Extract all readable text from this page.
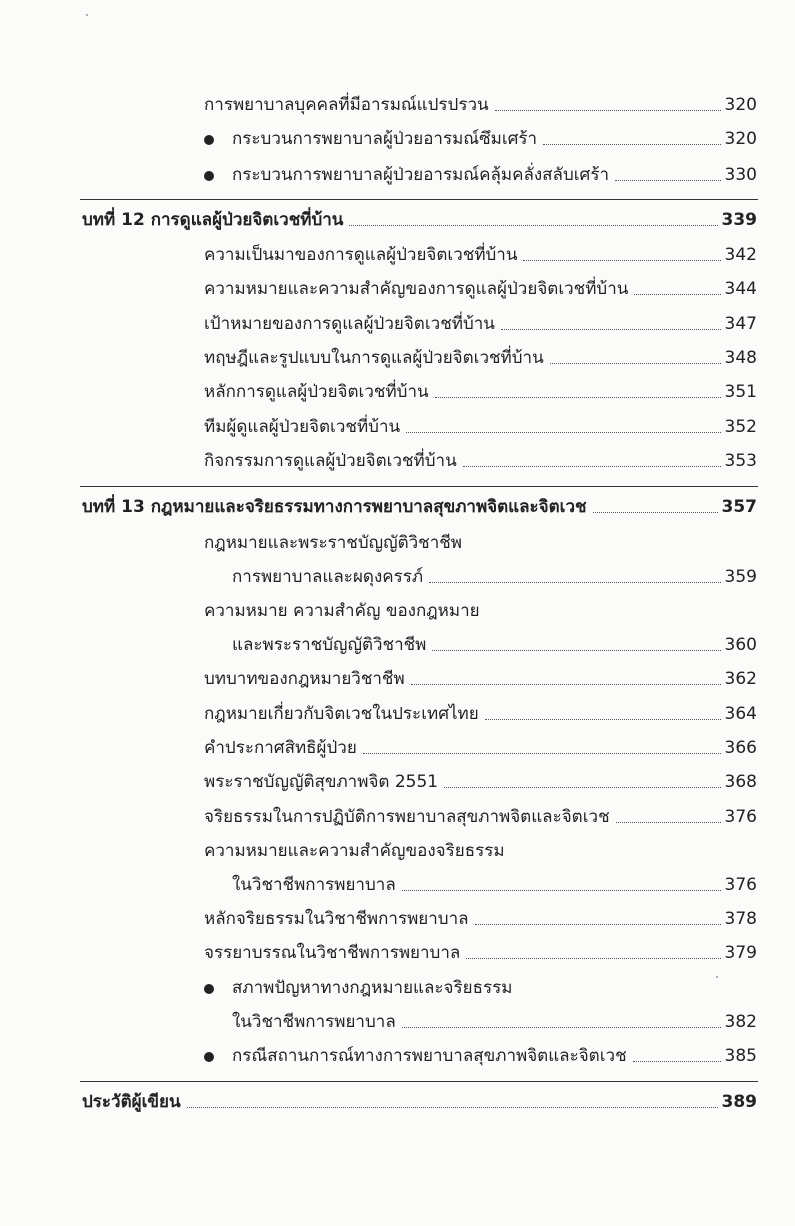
การพยาบาลบุคคลที่มีอารมณ์แปรปรวน	320
กระบวนการพยาบาลผู้ป่วยอารมณ์ซึมเศร้า	320
กระบวนการพยาบาลผู้ป่วยอารมณ์คลุ้มคลั่งสลับเศร้า	330
บทที่ 12 การดูแลผู้ป่วยจิตเวชที่บ้าน	339
ความเป็นมาของการดูแลผู้ป่วยจิตเวชที่บ้าน	342
ความหมายและความสำคัญของการดูแลผู้ป่วยจิตเวชที่บ้าน	344
เป้าหมายของการดูแลผู้ป่วยจิตเวชที่บ้าน	347
ทฤษฎีและรูปแบบในการดูแลผู้ป่วยจิตเวชที่บ้าน	348
หลักการดูแลผู้ป่วยจิตเวชที่บ้าน	351
ทีมผู้ดูแลผู้ป่วยจิตเวชที่บ้าน	352
กิจกรรมการดูแลผู้ป่วยจิตเวชที่บ้าน	353
บทที่ 13 กฎหมายและจริยธรรมทางการพยาบาลสุขภาพจิตและจิตเวช	357
กฎหมายและพระราชบัญญัติวิชาชีพ
การพยาบาลและผดุงครรภ์	359
ความหมาย ความสำคัญ ของกฎหมาย
และพระราชบัญญัติวิชาชีพ	360
บทบาทของกฎหมายวิชาชีพ	362
กฎหมายเกี่ยวกับจิตเวชในประเทศไทย	364
คำประกาศสิทธิผู้ป่วย	366
พระราชบัญญัติสุขภาพจิต 2551	368
จริยธรรมในการปฏิบัติการพยาบาลสุขภาพจิตและจิตเวช	376
ความหมายและความสำคัญของจริยธรรม
ในวิชาชีพการพยาบาล	376
หลักจริยธรรมในวิชาชีพการพยาบาล	378
จรรยาบรรณในวิชาชีพการพยาบาล	379
สภาพปัญหาทางกฎหมายและจริยธรรม
ในวิชาชีพการพยาบาล	382
กรณีสถานการณ์ทางการพยาบาลสุขภาพจิตและจิตเวช	385
ประวัติผู้เขียน	389
